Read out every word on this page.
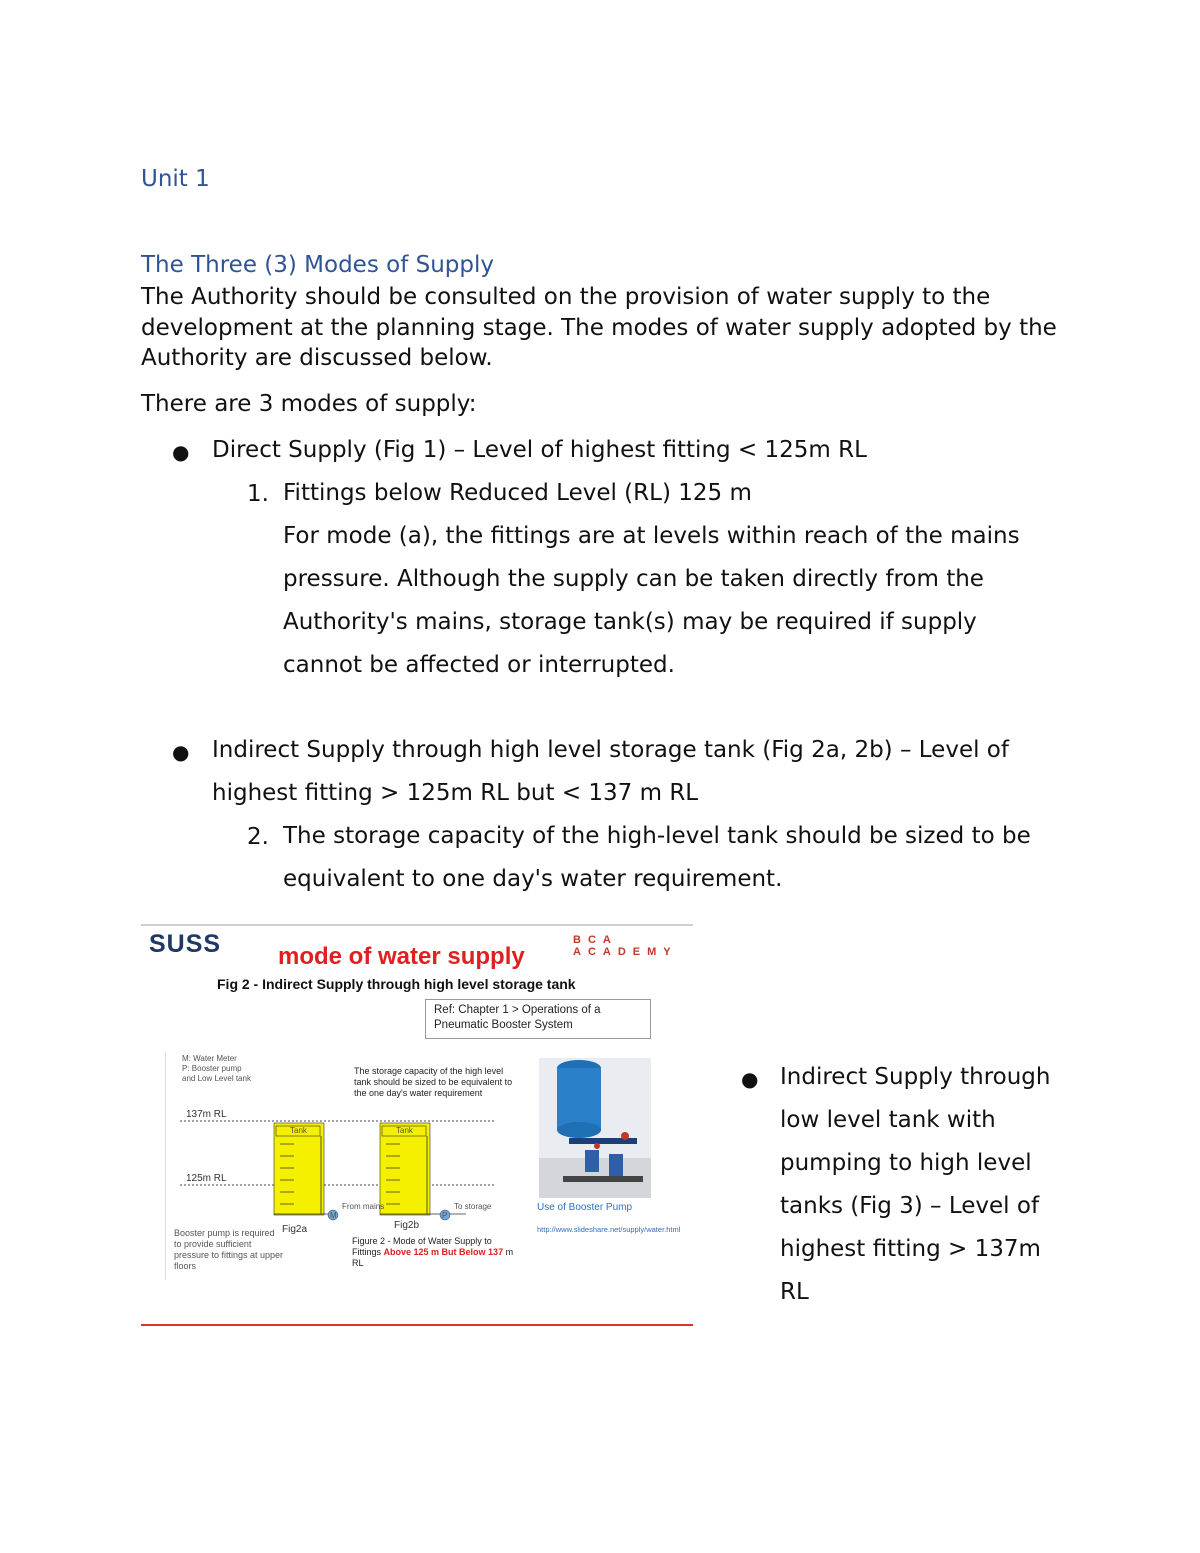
Unit 1
The Three (3) Modes of Supply
The Authority should be consulted on the provision of water supply to the development at the planning stage. The modes of water supply adopted by the Authority are discussed below.
There are 3 modes of supply:
● Direct Supply (Fig 1) – Level of highest fitting < 125m RL
1. Fittings below Reduced Level (RL) 125 m
For mode (a), the fittings are at levels within reach of the mains pressure. Although the supply can be taken directly from the Authority's mains, storage tank(s) may be required if supply cannot be affected or interrupted.
● Indirect Supply through high level storage tank (Fig 2a, 2b) – Level of highest fitting > 125m RL but < 137 m RL
2. The storage capacity of the high-level tank should be sized to be equivalent to one day's water requirement.
SUSS	BCA ACADEMY
mode of water supply
Fig 2 - Indirect Supply through high level storage tank
Ref: Chapter 1 > Operations of a Pneumatic Booster System
M: Water Meter
P: Booster pump
and Low Level tank
The storage capacity of the high level tank should be sized to be equivalent to the one day's water requirement
137m RL
125m RL
Tank	Tank
M	P
From mains	To storage
Fig2a	Fig2b
Booster pump is required to provide sufficient pressure to fittings at upper floors
Figure 2 - Mode of Water Supply to Fittings Above 125 m But Below 137 m RL
Use of Booster Pump
http://www.slideshare.net/supply/water.html
● Indirect Supply through low level tank with pumping to high level tanks (Fig 3) – Level of highest fitting > 137m RL
